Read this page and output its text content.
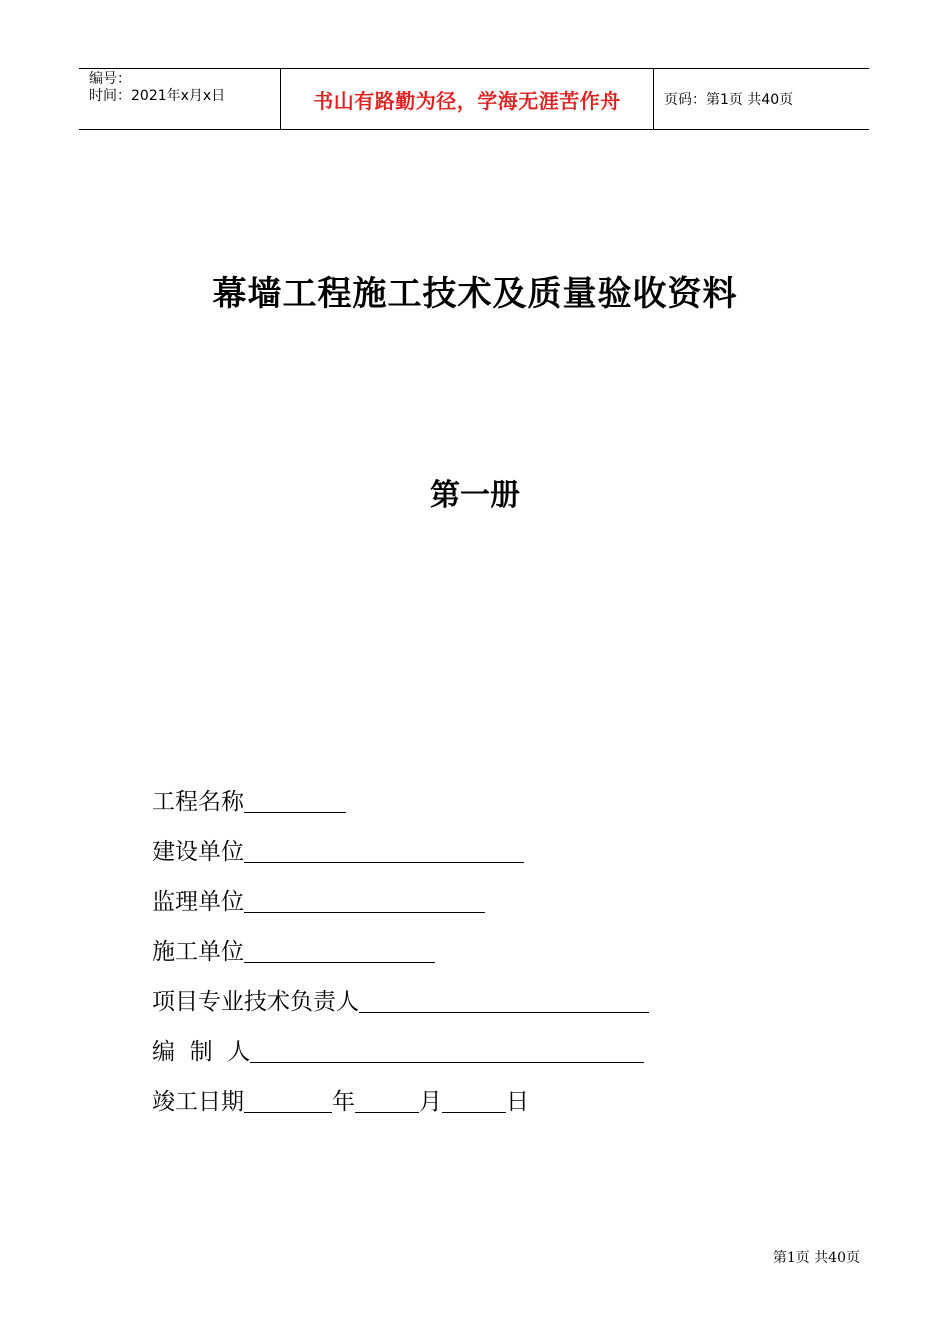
编号：
时间：2021年x月x日	书山有路勤为径，学海无涯苦作舟	页码：第1页 共40页
幕墙工程施工技术及质量验收资料
第一册
工程名称
建设单位
监理单位
施工单位
项目专业技术负责人
编  制  人
竣工日期	年	月	日
第1页 共40页
